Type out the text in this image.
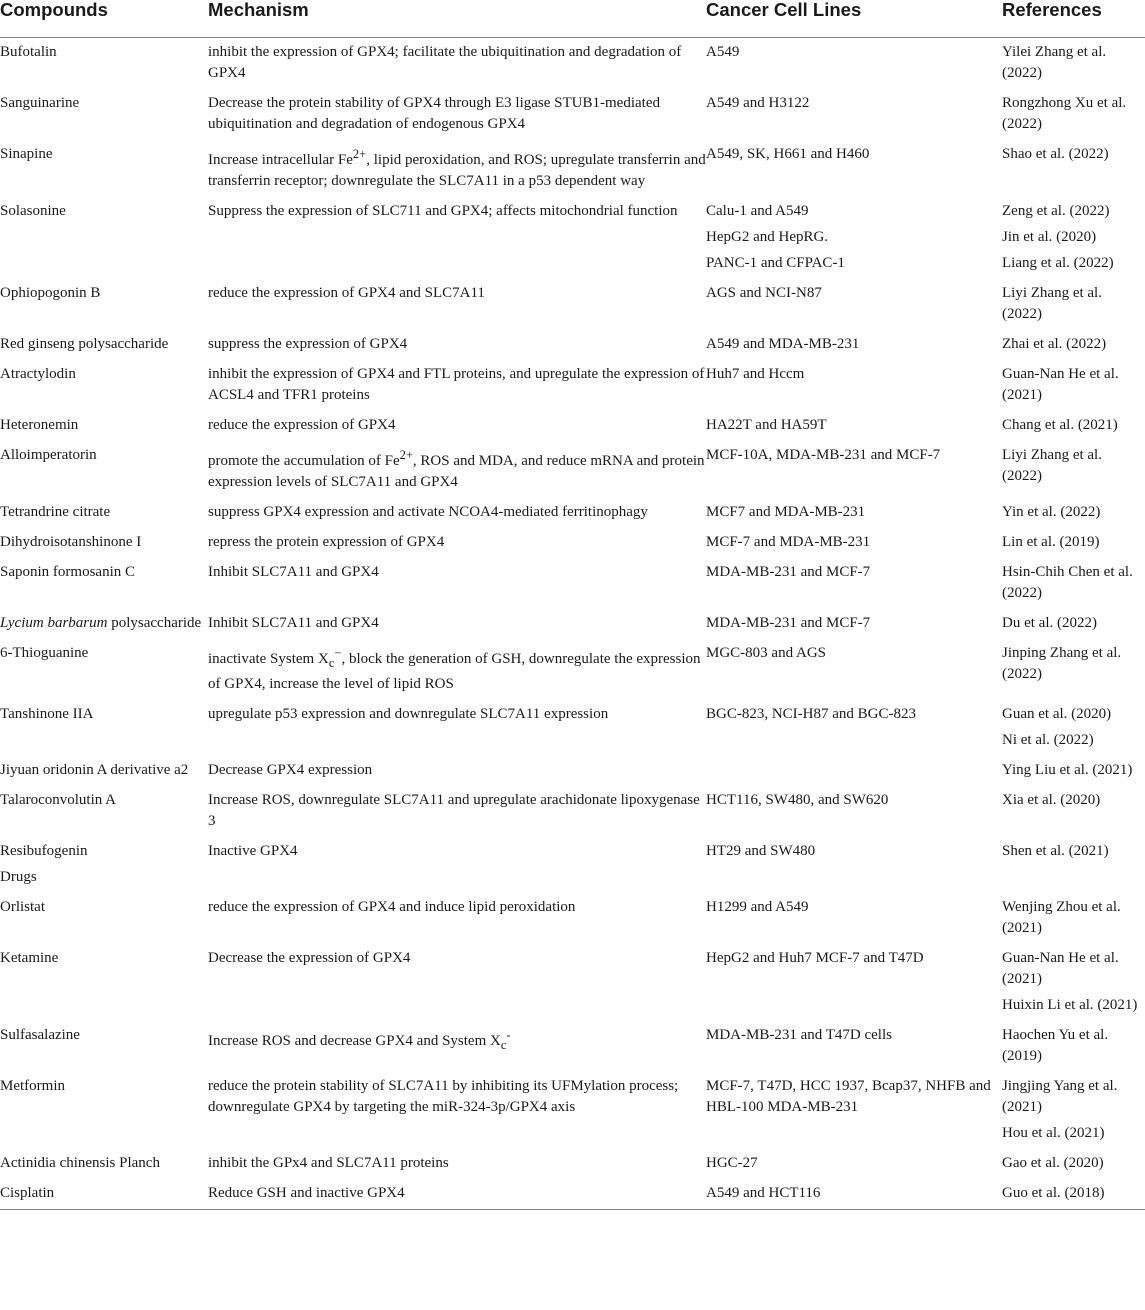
Compounds	Mechanism	Cancer Cell Lines	References
Bufotalin	inhibit the expression of GPX4; facilitate the ubiquitination and degradation of GPX4	A549	Yilei Zhang et al. (2022)
Sanguinarine	Decrease the protein stability of GPX4 through E3 ligase STUB1-mediated ubiquitination and degradation of endogenous GPX4	A549 and H3122	Rongzhong Xu et al. (2022)
Sinapine	Increase intracellular $Fe^{2+}$, lipid peroxidation, and ROS; upregulate transferrin and transferrin receptor; downregulate the SLC7A11 in a p53 dependent way	A549, SK, H661 and H460	Shao et al. (2022)
Solasonine	Suppress the expression of SLC711 and GPX4; affects mitochondrial function	Calu-1 and A549	Zeng et al. (2022)
		HepG2 and HepRG.	Jin et al. (2020)
		PANC-1 and CFPAC-1	Liang et al. (2022)
Ophiopogonin B	reduce the expression of GPX4 and SLC7A11	AGS and NCI-N87	Liyi Zhang et al. (2022)
Red ginseng polysaccharide	suppress the expression of GPX4	A549 and MDA-MB-231	Zhai et al. (2022)
Atractylodin	inhibit the expression of GPX4 and FTL proteins, and upregulate the expression of ACSL4 and TFR1 proteins	Huh7 and Hccm	Guan-Nan He et al. (2021)
Heteronemin	reduce the expression of GPX4	HA22T and HA59T	Chang et al. (2021)
Alloimperatorin	promote the accumulation of $Fe^{2+}$, ROS and MDA, and reduce mRNA and protein expression levels of SLC7A11 and GPX4	MCF-10A, MDA-MB-231 and MCF-7	Liyi Zhang et al. (2022)
Tetrandrine citrate	suppress GPX4 expression and activate NCOA4-mediated ferritinophagy	MCF7 and MDA-MB-231	Yin et al. (2022)
Dihydroisotanshinone I	repress the protein expression of GPX4	MCF-7 and MDA-MB-231	Lin et al. (2019)
Saponin formosanin C	Inhibit SLC7A11 and GPX4	MDA-MB-231 and MCF-7	Hsin-Chih Chen et al. (2022)
Lycium barbarum polysaccharide	Inhibit SLC7A11 and GPX4	MDA-MB-231 and MCF-7	Du et al. (2022)
6-Thioguanine	inactivate System $X_c^-$, block the generation of GSH, downregulate the expression of GPX4, increase the level of lipid ROS	MGC-803 and AGS	Jinping Zhang et al. (2022)
Tanshinone IIA	upregulate p53 expression and downregulate SLC7A11 expression	BGC-823, NCI-H87 and BGC-823	Guan et al. (2020)
			Ni et al. (2022)
Jiyuan oridonin A derivative a2	Decrease GPX4 expression		Ying Liu et al. (2021)
Talaroconvolutin A	Increase ROS, downregulate SLC7A11 and upregulate arachidonate lipoxygenase 3	HCT116, SW480, and SW620	Xia et al. (2020)
Resibufogenin	Inactive GPX4	HT29 and SW480	Shen et al. (2021)
Drugs			
Orlistat	reduce the expression of GPX4 and induce lipid peroxidation	H1299 and A549	Wenjing Zhou et al. (2021)
Ketamine	Decrease the expression of GPX4	HepG2 and Huh7 MCF-7 and T47D	Guan-Nan He et al. (2021)
			Huixin Li et al. (2021)
Sulfasalazine	Increase ROS and decrease GPX4 and System $X_c^-$	MDA-MB-231 and T47D cells	Haochen Yu et al. (2019)
Metformin	reduce the protein stability of SLC7A11 by inhibiting its UFMylation process; downregulate GPX4 by targeting the miR-324-3p/GPX4 axis	MCF-7, T47D, HCC 1937, Bcap37, NHFB and HBL-100 MDA-MB-231	Jingjing Yang et al. (2021)
			Hou et al. (2021)
Actinidia chinensis Planch	inhibit the GPx4 and SLC7A11 proteins	HGC-27	Gao et al. (2020)
Cisplatin	Reduce GSH and inactive GPX4	A549 and HCT116	Guo et al. (2018)
